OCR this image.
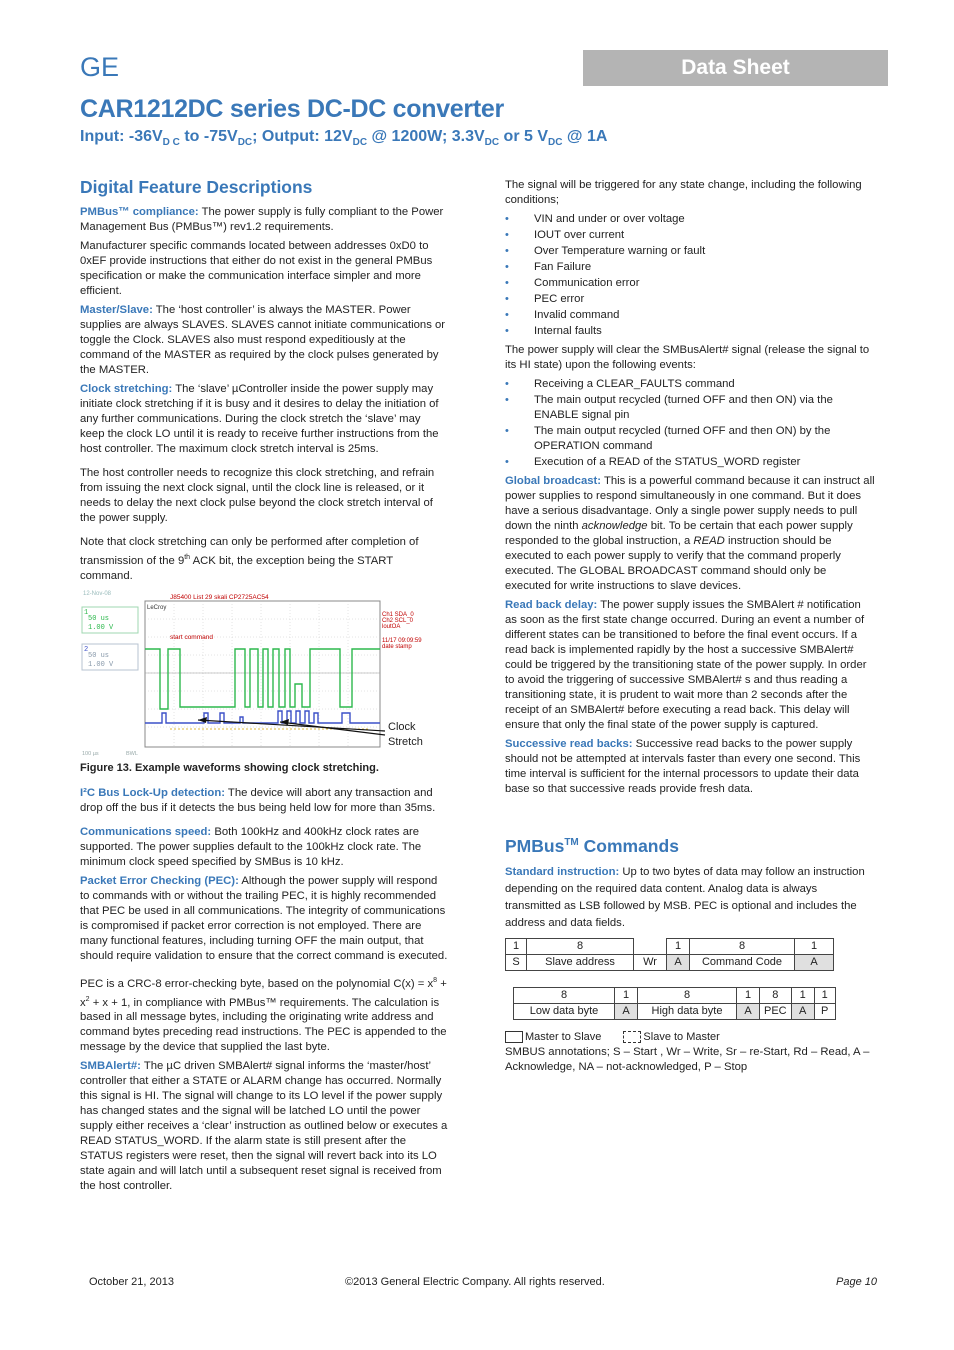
GE	Data Sheet
CAR1212DC series DC-DC converter
Input: $-36V_{D C}$ to $-75V_{DC}$; Output: $12V_{DC}$ @ 1200W; $3.3V_{DC}$ or 5 $V_{DC}$ @ 1A
Digital Feature Descriptions

PMBus™ compliance: The power supply is fully compliant to the Power Management Bus (PMBus™) rev1.2 requirements.

Manufacturer specific commands located between addresses 0xD0 to 0xEF provide instructions that either do not exist in the general PMBus specification or make the communication interface simpler and more efficient.

Master/Slave: The ‘host controller’ is always the MASTER. Power supplies are always SLAVES. SLAVES cannot initiate communications or toggle the Clock. SLAVES also must respond expeditiously at the command of the MASTER as required by the clock pulses generated by the MASTER.

Clock stretching: The ‘slave’ µController inside the power supply may initiate clock stretching if it is busy and it desires to delay the initiation of any further communications. During the clock stretch the ‘slave’ may keep the clock LO until it is ready to receive further instructions from the host controller. The maximum clock stretch interval is 25ms.

The host controller needs to recognize this clock stretching, and refrain from issuing the next clock signal, until the clock line is released, or it needs to delay the next clock pulse beyond the clock stretch interval of the power supply.

Note that clock stretching can only be performed after completion of transmission of the 9th ACK bit, the exception being the START command.

12-Nov-08
1
50 us
1.00 V
2
50 us
1.00 V
J85400 List 29 skali CP2725AC54
LeCroy
start command
Ch1 SDA_0
Ch2 SCL_0
loutOA
11/17 09:09:59
date stamp
Clock
Stretch
100 µs	BWL
Figure 13. Example waveforms showing clock stretching.

I²C Bus Lock-Up detection: The device will abort any transaction and drop off the bus if it detects the bus being held low for more than 35ms.

Communications speed: Both 100kHz and 400kHz clock rates are supported. The power supplies default to the 100kHz clock rate. The minimum clock speed specified by SMBus is 10 kHz.

Packet Error Checking (PEC): Although the power supply will respond to commands with or without the trailing PEC, it is highly recommended that PEC be used in all communications. The integrity of communications is compromised if packet error correction is not employed. There are many functional features, including turning OFF the main output, that should require validation to ensure that the correct command is executed.

PEC is a CRC-8 error-checking byte, based on the polynomial $C(x) = x^8 + x^2 + x + 1$, in compliance with PMBus™ requirements. The calculation is based in all message bytes, including the originating write address and command bytes preceding read instructions. The PEC is appended to the message by the device that supplied the last byte.

SMBAlert#: The µC driven SMBAlert# signal informs the ‘master/host’ controller that either a STATE or ALARM change has occurred. Normally this signal is HI. The signal will change to its LO level if the power supply has changed states and the signal will be latched LO until the power supply either receives a ‘clear’ instruction as outlined below or executes a READ STATUS_WORD. If the alarm state is still present after the STATUS registers were reset, then the signal will revert back into its LO state again and will latch until a subsequent reset signal is received from the host controller.

The signal will be triggered for any state change, including the following conditions;

• VIN and under or over voltage
• IOUT over current
• Over Temperature warning or fault
• Fan Failure
• Communication error
• PEC error
• Invalid command
• Internal faults

The power supply will clear the SMBusAlert# signal (release the signal to its HI state) upon the following events:

• Receiving a CLEAR_FAULTS command
• The main output recycled (turned OFF and then ON) via the ENABLE signal pin
• The main output recycled (turned OFF and then ON) by the OPERATION command
• Execution of a READ of the STATUS_WORD register

Global broadcast: This is a powerful command because it can instruct all power supplies to respond simultaneously in one command. But it does have a serious disadvantage. Only a single power supply needs to pull down the ninth acknowledge bit. To be certain that each power supply responded to the global instruction, a READ instruction should be executed to each power supply to verify that the command properly executed. The GLOBAL BROADCAST command should only be executed for write instructions to slave devices.

Read back delay: The power supply issues the SMBAlert # notification as soon as the first state change occurred. During an event a number of different states can be transitioned to before the final event occurs. If a read back is implemented rapidly by the host a successive SMBAlert# could be triggered by the transitioning state of the power supply. In order to avoid the triggering of successive SMBAlert# s and thus reading a transitioning state, it is prudent to wait more than 2 seconds after the receipt of an SMBAlert# before executing a read back. This delay will ensure that only the final state of the power supply is captured.

Successive read backs: Successive read backs to the power supply should not be attempted at intervals faster than every one second. This time interval is sufficient for the internal processors to update their data base so that successive reads provide fresh data.

PMBus™ Commands

Standard instruction: Up to two bytes of data may follow an instruction depending on the required data content. Analog data is always transmitted as LSB followed by MSB. PEC is optional and includes the address and data fields.

1	8		1	8	1
S	Slave address	Wr	A	Command Code	A
8	1	8	1	8	1	1
Low data byte	A	High data byte	A	PEC	A	P
Master to Slave	Slave to Master

SMBUS annotations; S – Start , Wr – Write, Sr – re-Start, Rd – Read, A – Acknowledge, NA – not-acknowledged, P – Stop

October 21, 2013	©2013 General Electric Company. All rights reserved.	Page 10
